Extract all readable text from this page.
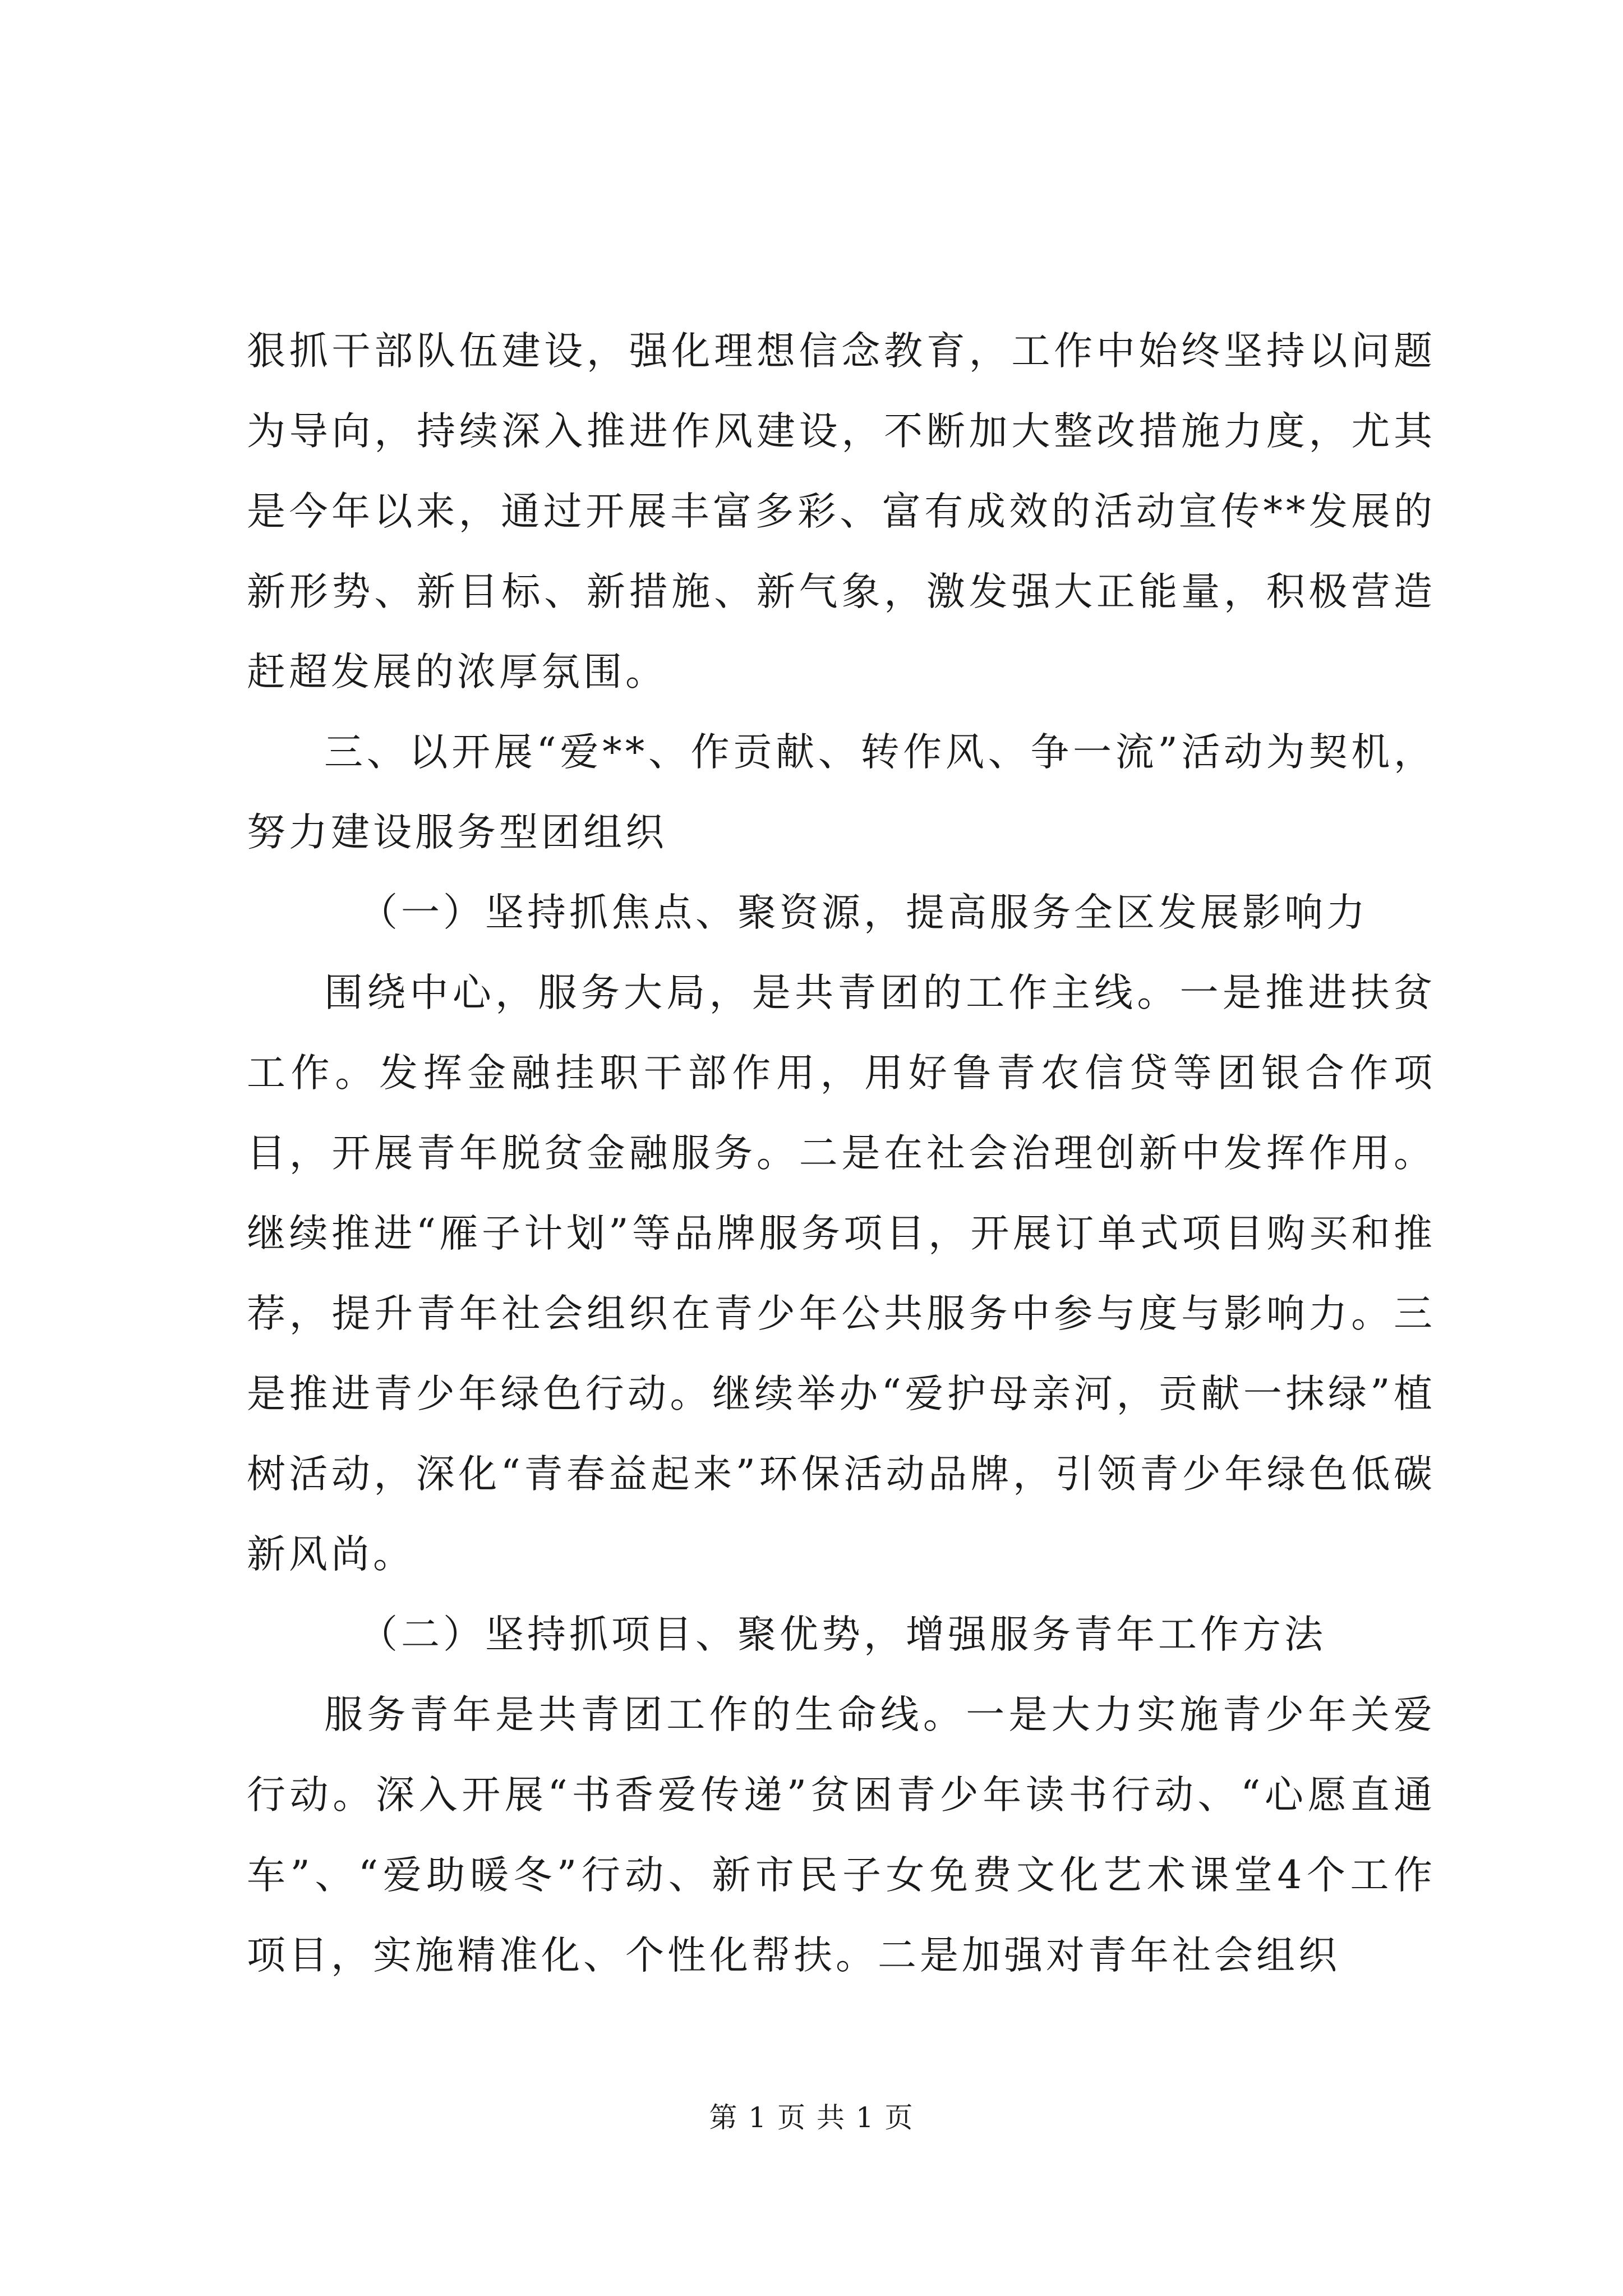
狠抓干部队伍建设，强化理想信念教育，工作中始终坚持以问题为导向，持续深入推进作风建设，不断加大整改措施力度，尤其是今年以来，通过开展丰富多彩、富有成效的活动宣传**发展的新形势、新目标、新措施、新气象，激发强大正能量，积极营造赶超发展的浓厚氛围。

三、以开展“爱**、作贡献、转作风、争一流”活动为契机，努力建设服务型团组织

（一）坚持抓焦点、聚资源，提高服务全区发展影响力

围绕中心，服务大局，是共青团的工作主线。一是推进扶贫工作。发挥金融挂职干部作用，用好鲁青农信贷等团银合作项目，开展青年脱贫金融服务。二是在社会治理创新中发挥作用。继续推进“雁子计划”等品牌服务项目，开展订单式项目购买和推荐，提升青年社会组织在青少年公共服务中参与度与影响力。三是推进青少年绿色行动。继续举办“爱护母亲河，贡献一抹绿”植树活动，深化“青春益起来”环保活动品牌，引领青少年绿色低碳新风尚。

（二）坚持抓项目、聚优势，增强服务青年工作方法

服务青年是共青团工作的生命线。一是大力实施青少年关爱行动。深入开展“书香爱传递”贫困青少年读书行动、“心愿直通车”、“爱助暖冬”行动、新市民子女免费文化艺术课堂4个工作项目，实施精准化、个性化帮扶。二是加强对青年社会组织

第 1 页 共 1 页
